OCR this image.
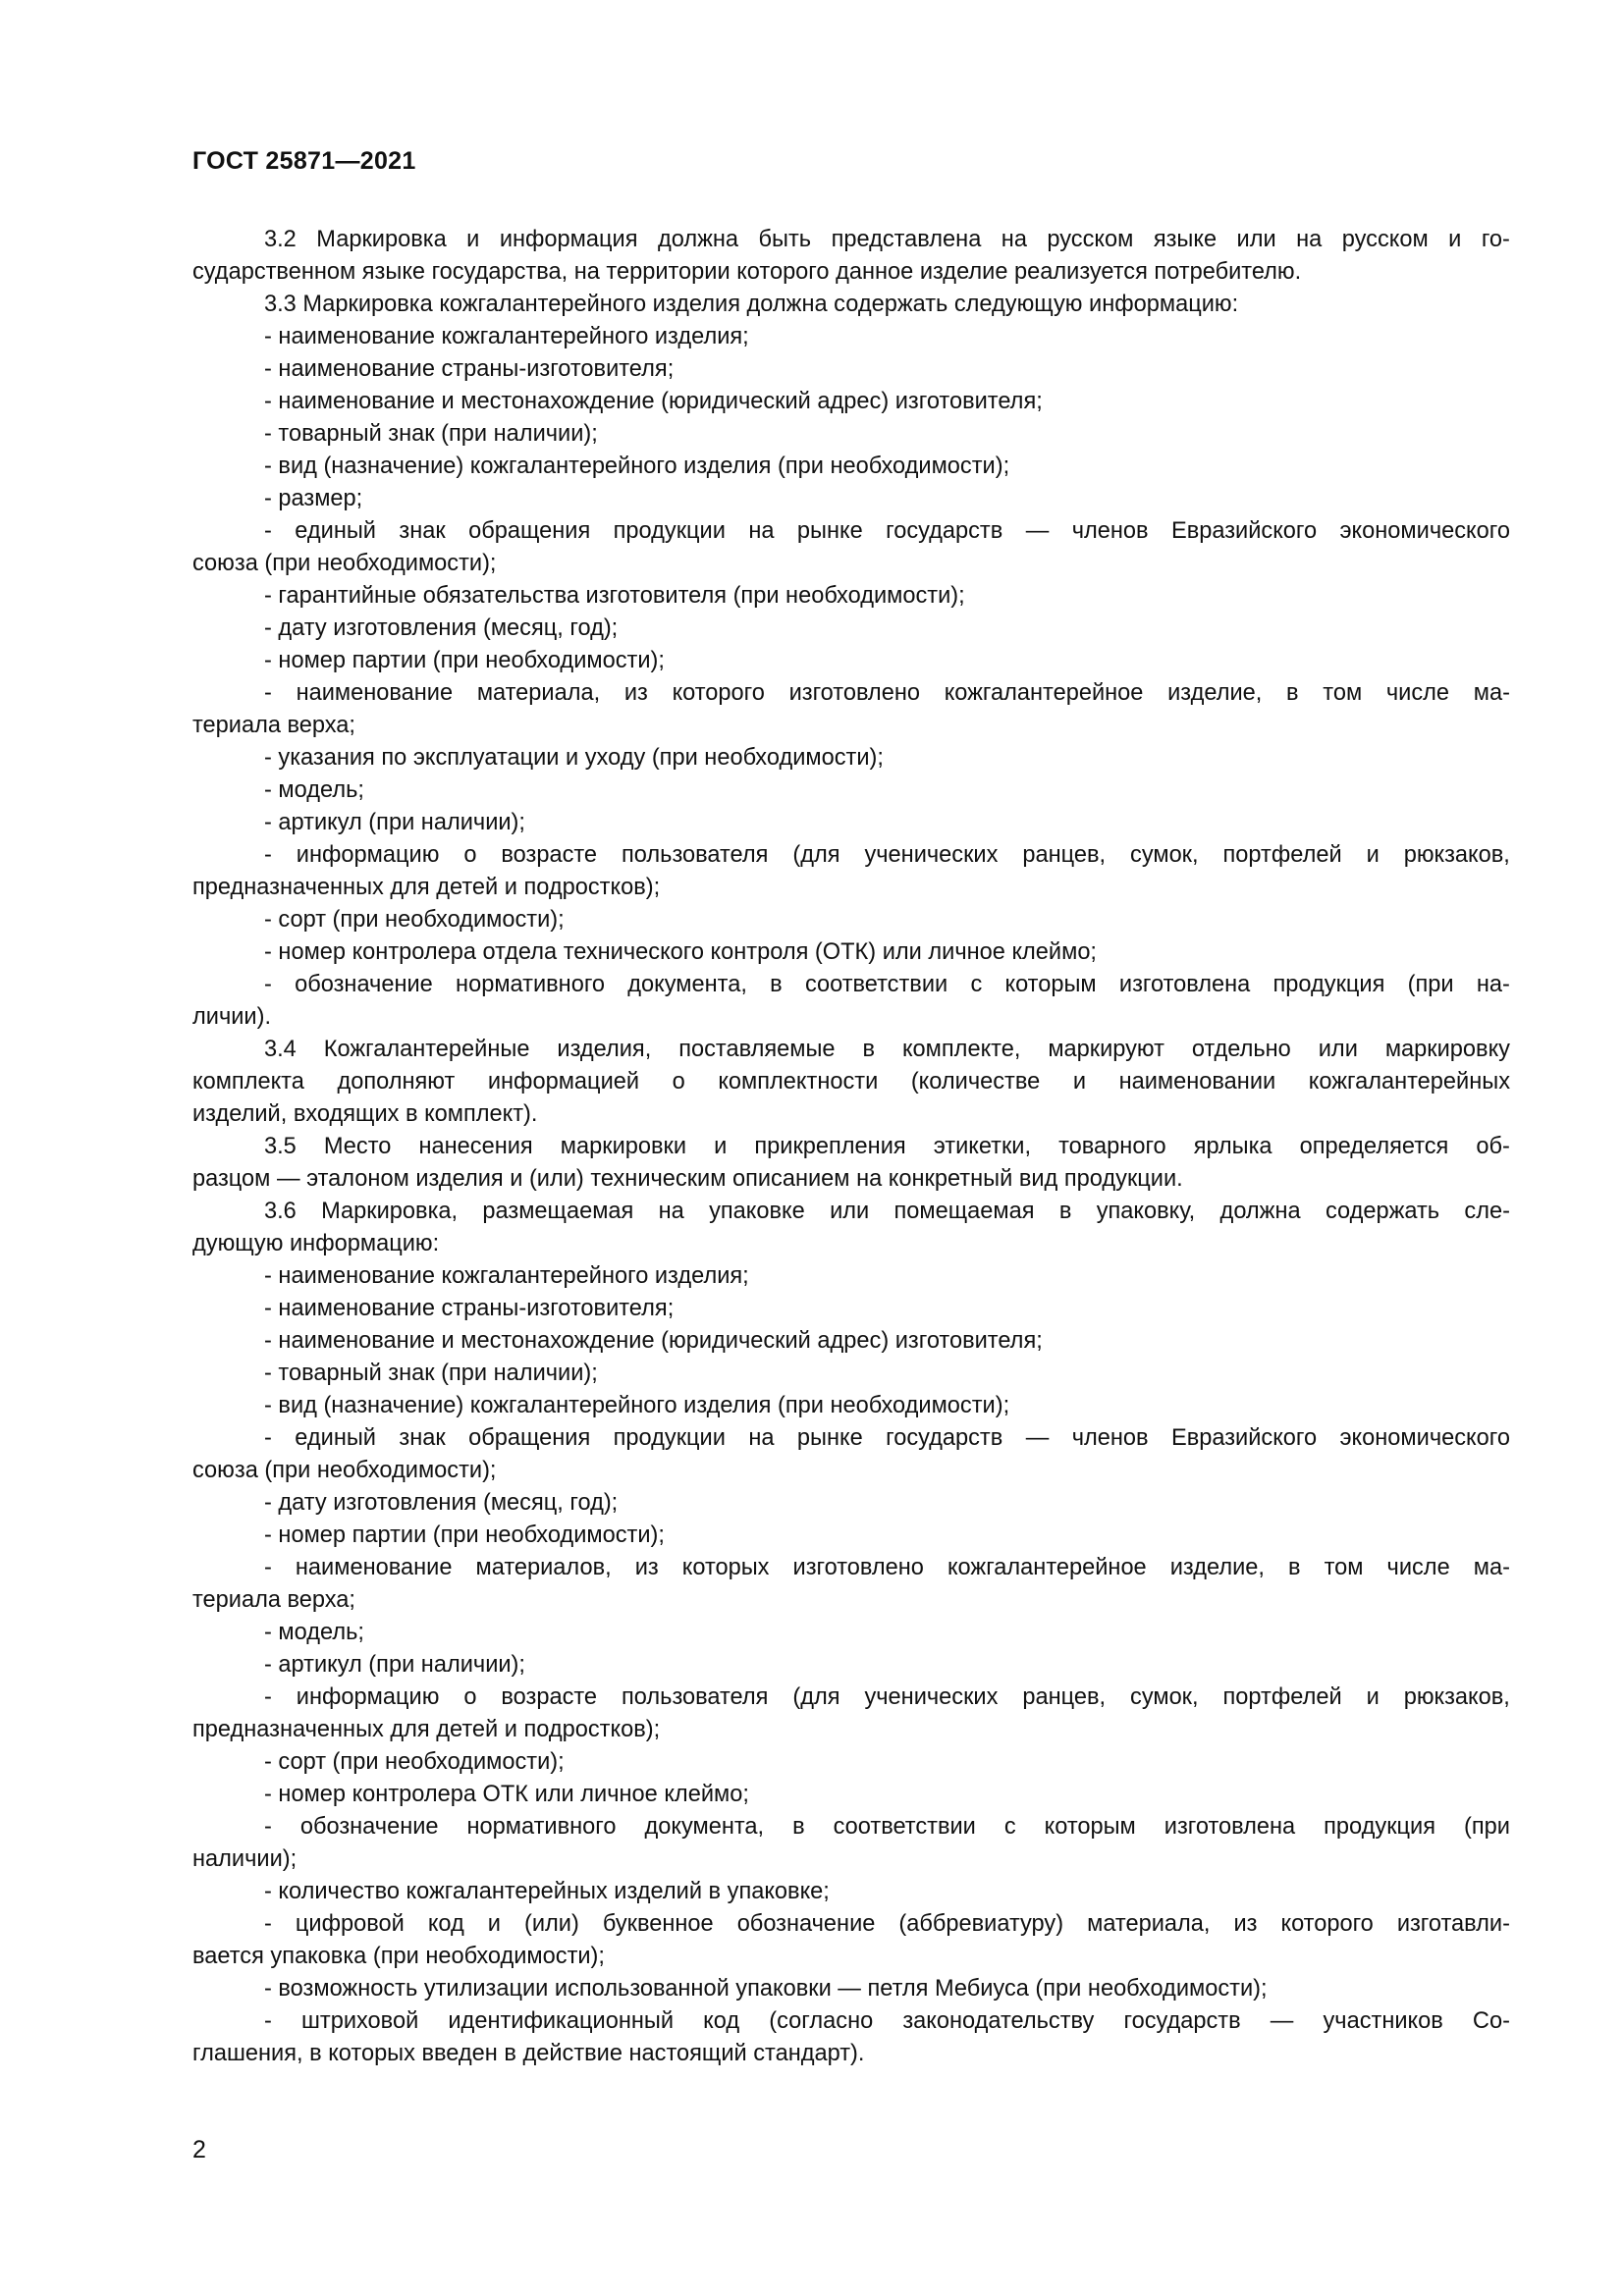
ГОСТ 25871—2021
3.2 Маркировка и информация должна быть представлена на русском языке или на русском и го-
сударственном языке государства, на территории которого данное изделие реализуется потребителю.
3.3 Маркировка кожгалантерейного изделия должна содержать следующую информацию:
- наименование кожгалантерейного изделия;
- наименование страны-изготовителя;
- наименование и местонахождение (юридический адрес) изготовителя;
- товарный знак (при наличии);
- вид (назначение) кожгалантерейного изделия (при необходимости);
- размер;
- единый знак обращения продукции на рынке государств — членов Евразийского экономического
союза (при необходимости);
- гарантийные обязательства изготовителя (при необходимости);
- дату изготовления (месяц, год);
- номер партии (при необходимости);
- наименование материала, из которого изготовлено кожгалантерейное изделие, в том числе ма-
териала верха;
- указания по эксплуатации и уходу (при необходимости);
- модель;
- артикул (при наличии);
- информацию о возрасте пользователя (для ученических ранцев, сумок, портфелей и рюкзаков,
предназначенных для детей и подростков);
- сорт (при необходимости);
- номер контролера отдела технического контроля (ОТК) или личное клеймо;
- обозначение нормативного документа, в соответствии с которым изготовлена продукция (при на-
личии).
3.4 Кожгалантерейные изделия, поставляемые в комплекте, маркируют отдельно или маркировку
комплекта дополняют информацией о комплектности (количестве и наименовании кожгалантерейных
изделий, входящих в комплект).
3.5 Место нанесения маркировки и прикрепления этикетки, товарного ярлыка определяется об-
разцом — эталоном изделия и (или) техническим описанием на конкретный вид продукции.
3.6 Маркировка, размещаемая на упаковке или помещаемая в упаковку, должна содержать сле-
дующую информацию:
- наименование кожгалантерейного изделия;
- наименование страны-изготовителя;
- наименование и местонахождение (юридический адрес) изготовителя;
- товарный знак (при наличии);
- вид (назначение) кожгалантерейного изделия (при необходимости);
- единый знак обращения продукции на рынке государств — членов Евразийского экономического
союза (при необходимости);
- дату изготовления (месяц, год);
- номер партии (при необходимости);
- наименование материалов, из которых изготовлено кожгалантерейное изделие, в том числе ма-
териала верха;
- модель;
- артикул (при наличии);
- информацию о возрасте пользователя (для ученических ранцев, сумок, портфелей и рюкзаков,
предназначенных для детей и подростков);
- сорт (при необходимости);
- номер контролера ОТК или личное клеймо;
- обозначение нормативного документа, в соответствии с которым изготовлена продукция (при
наличии);
- количество кожгалантерейных изделий в упаковке;
- цифровой код и (или) буквенное обозначение (аббревиатуру) материала, из которого изготавли-
вается упаковка (при необходимости);
- возможность утилизации использованной упаковки — петля Мебиуса (при необходимости);
- штриховой идентификационный код (согласно законодательству государств — участников Со-
глашения, в которых введен в действие настоящий стандарт).
2
